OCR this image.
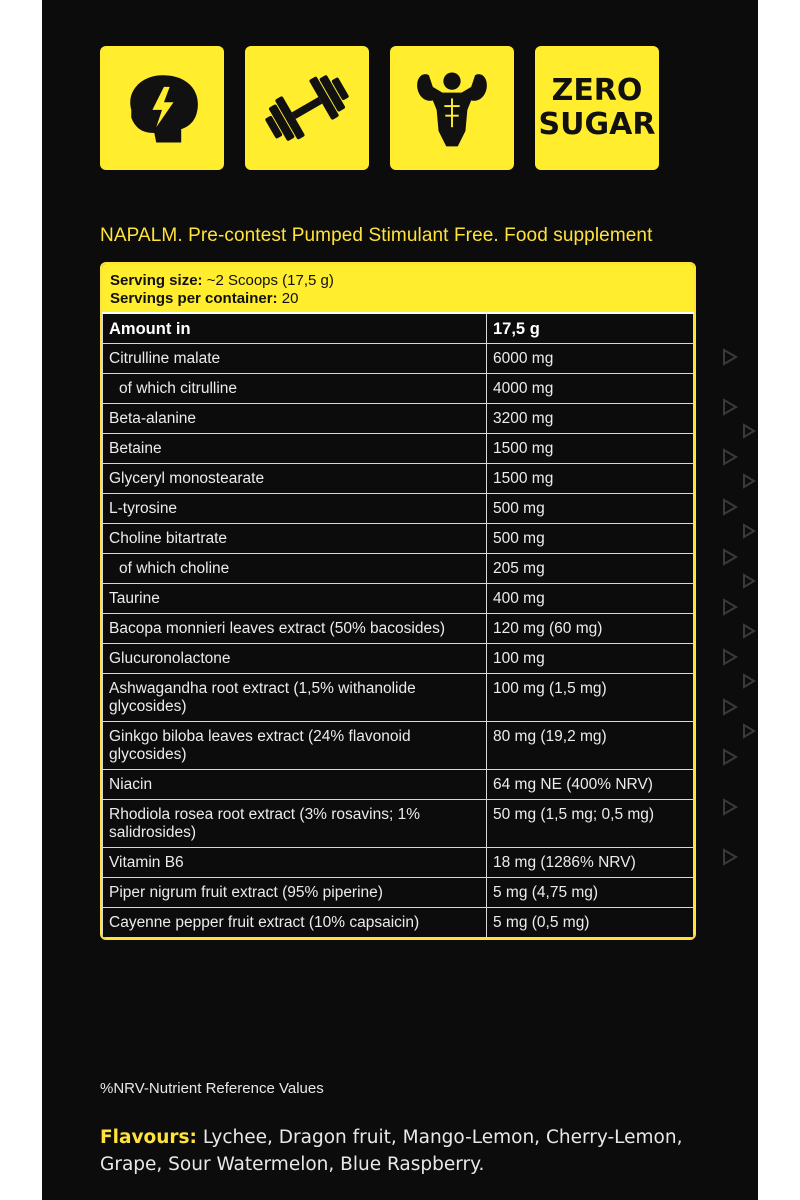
ZERO
SUGAR
NAPALM. Pre-contest Pumped Stimulant Free. Food supplement
Serving size: ~2 Scoops (17,5 g)
Servings per container: 20
Amount in	17,5 g
Citrulline malate	6000 mg
of which citrulline	4000 mg
Beta-alanine	3200 mg
Betaine	1500 mg
Glyceryl monostearate	1500 mg
L-tyrosine	500 mg
Choline bitartrate	500 mg
of which choline	205 mg
Taurine	400 mg
Bacopa monnieri leaves extract (50% bacosides)	120 mg (60 mg)
Glucuronolactone	100 mg
Ashwagandha root extract (1,5% withanolide glycosides)	100 mg (1,5 mg)
Ginkgo biloba leaves extract (24% flavonoid glycosides)	80 mg (19,2 mg)
Niacin	64 mg NE (400% NRV)
Rhodiola rosea root extract (3% rosavins; 1% salidrosides)	50 mg (1,5 mg; 0,5 mg)
Vitamin B6	18 mg (1286% NRV)
Piper nigrum fruit extract (95% piperine)	5 mg (4,75 mg)
Cayenne pepper fruit extract (10% capsaicin)	5 mg (0,5 mg)
%NRV-Nutrient Reference Values
Flavours: Lychee, Dragon fruit, Mango-Lemon, Cherry-Lemon, Grape, Sour Watermelon, Blue Raspberry.
